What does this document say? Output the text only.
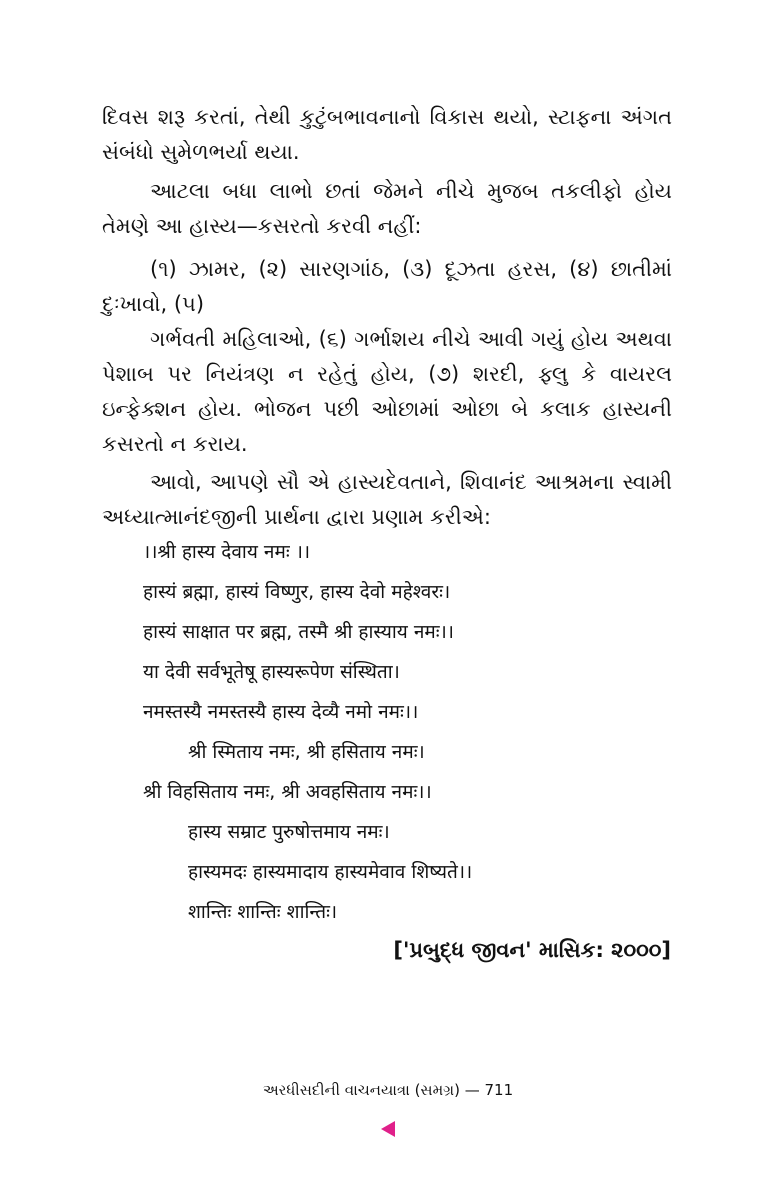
દિવસ શરૂ કરતાં, તેથી કુટુંબભાવનાનો વિકાસ થયો, સ્ટાફના અંગત સંબંધો સુમેળભર્યા થયા.

આટલા બધા લાભો છતાં જેમને નીચે મુજબ તકલીફો હોય તેમણે આ હાસ્ય—કસરતો કરવી નહીં:

(૧) ઝામર, (૨) સારણગાંઠ, (૩) દૂઝતા હરસ, (૪) છાતીમાં દુઃખાવો, (૫)

ગર્ભવતી મહિલાઓ, (૬) ગર્ભાશય નીચે આવી ગયું હોય અથવા પેશાબ પર નિયંત્રણ ન રહેતું હોય, (૭) શરદી, ફ્લુ કે વાયરલ ઇન્ફેક્શન હોય. ભોજન પછી ઓછામાં ઓછા બે કલાક હાસ્યની કસરતો ન કરાય.

આવો, આપણે સૌ એ હાસ્યદેવતાને, શિવાનંદ આશ્રમના સ્વામી અધ્યાત્માનંદજીની પ્રાર્થના દ્વારા પ્રણામ કરીએ:

।।श्री हास्य देवाय नमः ।।
हास्यं ब्रह्मा, हास्यं विष्णुर, हास्य देवो महेश्वरः।
हास्यं साक्षात पर ब्रह्म, तस्मै श्री हास्याय नमः।।
या देवी सर्वभूतेषू हास्यरूपेण संस्थिता।
नमस्तस्यै नमस्तस्यै हास्य देव्यै नमो नमः।।
श्री स्मिताय नमः, श्री हसिताय नमः।
श्री विहसिताय नमः, श्री अवहसिताय नमः।।
हास्य सम्राट पुरुषोत्तमाय नमः।
हास्यमदः हास्यमादाय हास्यमेवाव शिष्यते।।
शान्तिः शान्तिः शान्तिः।
['પ્રબુદ્ધ જીવન' માસિક: ૨૦૦૦]
અરધીસદીની વાચનયાત્રા (સમગ્ર) — 711
